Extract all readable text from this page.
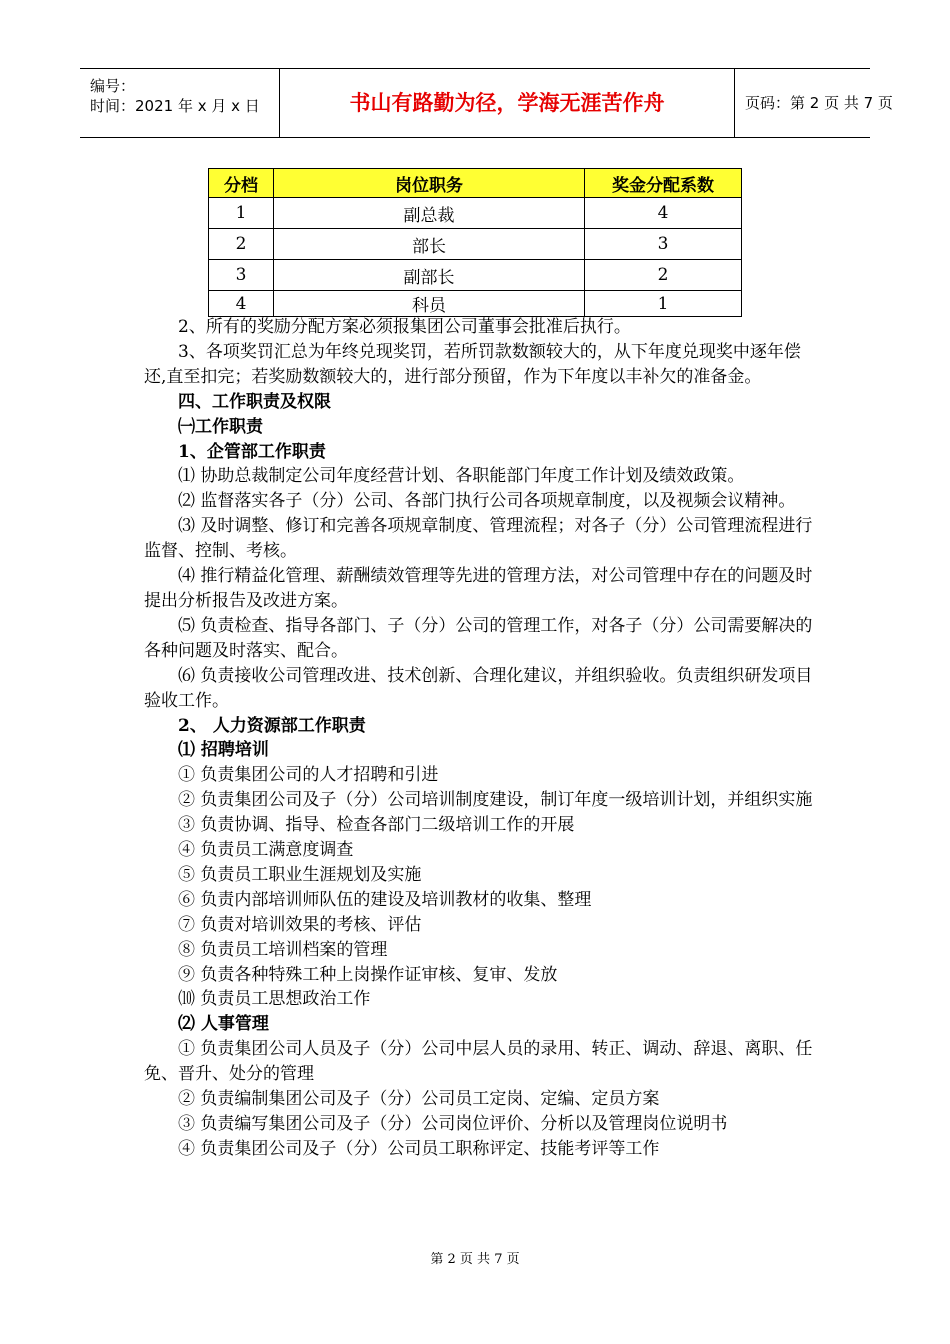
编号：
时间：2021 年 x 月 x 日	书山有路勤为径，学海无涯苦作舟	页码：第 2 页 共 7 页
分档	岗位职务	奖金分配系数
1	副总裁	4
2	部长	3
3	副部长	2
4	科员	1

2、所有的奖励分配方案必须报集团公司董事会批准后执行。

3、各项奖罚汇总为年终兑现奖罚，若所罚款数额较大的，从下年度兑现奖中逐年偿还,直至扣完；若奖励数额较大的，进行部分预留，作为下年度以丰补欠的准备金。

四、工作职责及权限

㈠工作职责

1、企管部工作职责

⑴ 协助总裁制定公司年度经营计划、各职能部门年度工作计划及绩效政策。

⑵ 监督落实各子（分）公司、各部门执行公司各项规章制度，以及视频会议精神。

⑶ 及时调整、修订和完善各项规章制度、管理流程；对各子（分）公司管理流程进行监督、控制、考核。

⑷ 推行精益化管理、薪酬绩效管理等先进的管理方法，对公司管理中存在的问题及时提出分析报告及改进方案。

⑸ 负责检查、指导各部门、子（分）公司的管理工作，对各子（分）公司需要解决的各种问题及时落实、配合。

⑹ 负责接收公司管理改进、技术创新、合理化建议，并组织验收。负责组织研发项目验收工作。

2、 人力资源部工作职责

⑴ 招聘培训

① 负责集团公司的人才招聘和引进

② 负责集团公司及子（分）公司培训制度建设，制订年度一级培训计划，并组织实施

③ 负责协调、指导、检查各部门二级培训工作的开展

④ 负责员工满意度调查

⑤ 负责员工职业生涯规划及实施

⑥ 负责内部培训师队伍的建设及培训教材的收集、整理

⑦ 负责对培训效果的考核、评估

⑧ 负责员工培训档案的管理

⑨ 负责各种特殊工种上岗操作证审核、复审、发放

⑽ 负责员工思想政治工作

⑵ 人事管理

① 负责集团公司人员及子（分）公司中层人员的录用、转正、调动、辞退、离职、任免、晋升、处分的管理

② 负责编制集团公司及子（分）公司员工定岗、定编、定员方案

③ 负责编写集团公司及子（分）公司岗位评价、分析以及管理岗位说明书

④ 负责集团公司及子（分）公司员工职称评定、技能考评等工作

第 2 页 共 7 页
